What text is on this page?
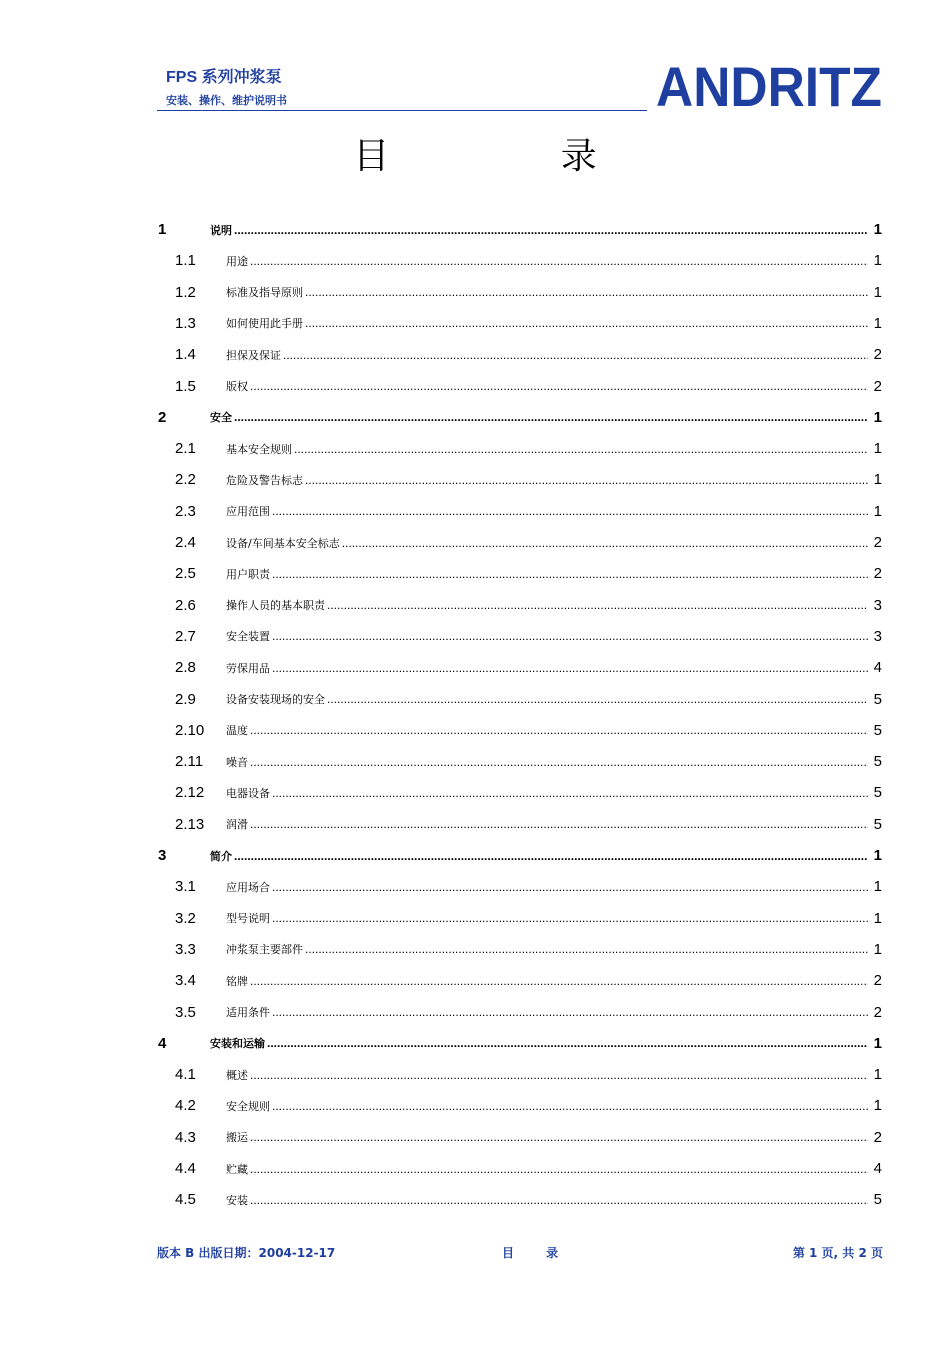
FPS 系列冲浆泵
安装、操作、维护说明书	ANDRITZ
目 录
1	说明 .....	1
1.1	用途 .....	1
1.2	标准及指导原则 .....	1
1.3	如何使用此手册 .....	1
1.4	担保及保证 .....	2
1.5	版权 .....	2
2	安全 .....	1
2.1	基本安全规则 .....	1
2.2	危险及警告标志 .....	1
2.3	应用范围 .....	1
2.4	设备/车间基本安全标志 .....	2
2.5	用户职责 .....	2
2.6	操作人员的基本职责 .....	3
2.7	安全装置 .....	3
2.8	劳保用品 .....	4
2.9	设备安装现场的安全 .....	5
2.10 温度 .....	5
2.11 噪音 .....	5
2.12 电器设备 .....	5
2.13 润滑 .....	5
3	简介 .....	1
3.1	应用场合 .....	1
3.2	型号说明 .....	1
3.3	冲浆泵主要部件 .....	1
3.4	铭牌 .....	2
3.5	适用条件 .....	2
4	安装和运输 .....	1
4.1	概述 .....	1
4.2	安全规则 .....	1
4.3	搬运 .....	2
4.4	贮藏 .....	4
4.5	安装 .....	5
版本 B 出版日期：2004-12-17	目 录	第 1 页, 共 2 页
